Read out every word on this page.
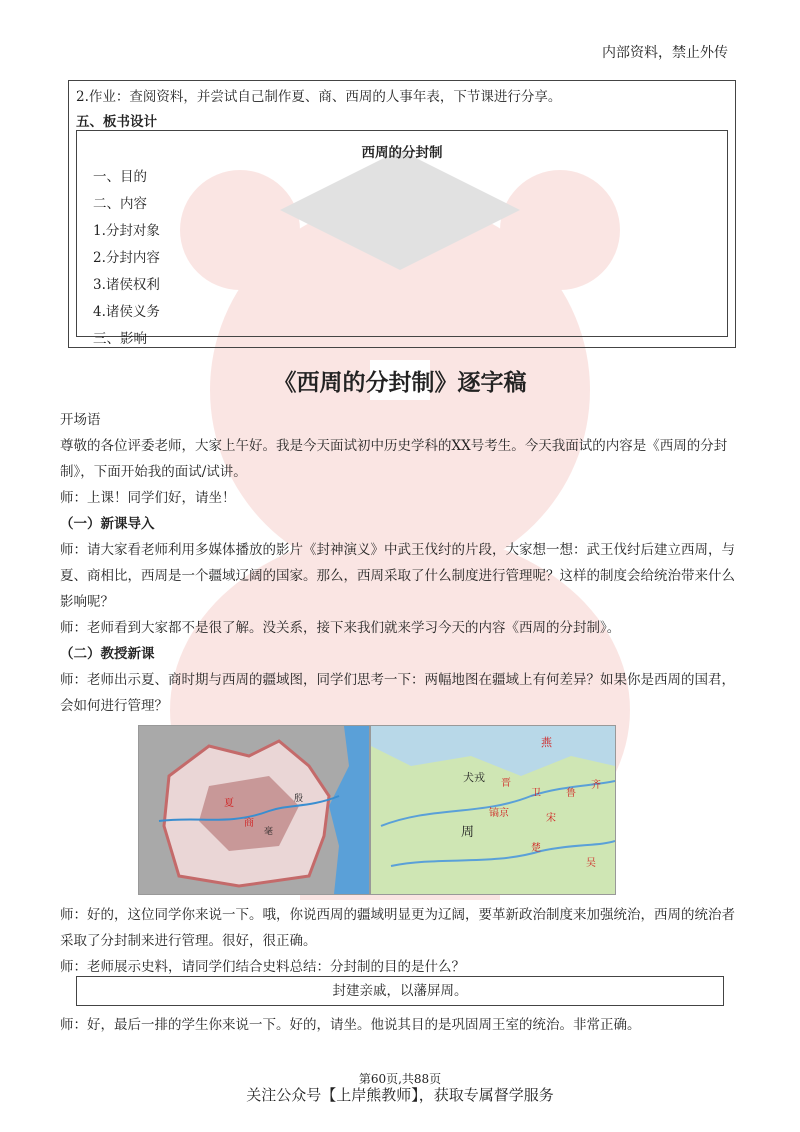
内部资料，禁止外传
2.作业：查阅资料，并尝试自己制作夏、商、西周的人事年表，下节课进行分享。
五、板书设计
西周的分封制
一、目的
二、内容
1.分封对象
2.分封内容
3.诸侯权利
4.诸侯义务
三、影响
《西周的分封制》逐字稿

开场语

尊敬的各位评委老师，大家上午好。我是今天面试初中历史学科的XX号考生。今天我面试的内容是《西周的分封制》，下面开始我的面试/试讲。

师：上课！同学们好，请坐！

（一）新课导入

师：请大家看老师利用多媒体播放的影片《封神演义》中武王伐纣的片段，大家想一想：武王伐纣后建立西周，与夏、商相比，西周是一个疆域辽阔的国家。那么，西周采取了什么制度进行管理呢？这样的制度会给统治带来什么影响呢？

师：老师看到大家都不是很了解。没关系，接下来我们就来学习今天的内容《西周的分封制》。

（二）教授新课

师：老师出示夏、商时期与西周的疆域图，同学们思考一下：两幅地图在疆域上有何差异？如果你是西周的国君，会如何进行管理？

夏
商
毫
殷
燕
犬戎 晋
卫	鲁
齐
镐京
周
宋
楚
吴

师：好的，这位同学你来说一下。哦，你说西周的疆域明显更为辽阔，要革新政治制度来加强统治，西周的统治者采取了分封制来进行管理。很好，很正确。

师：老师展示史料，请同学们结合史料总结：分封制的目的是什么？

封建亲戚，以藩屏周。
师：好，最后一排的学生你来说一下。好的，请坐。他说其目的是巩固周王室的统治。非常正确。
第60页,共88页
关注公众号【上岸熊教师】，获取专属督学服务
